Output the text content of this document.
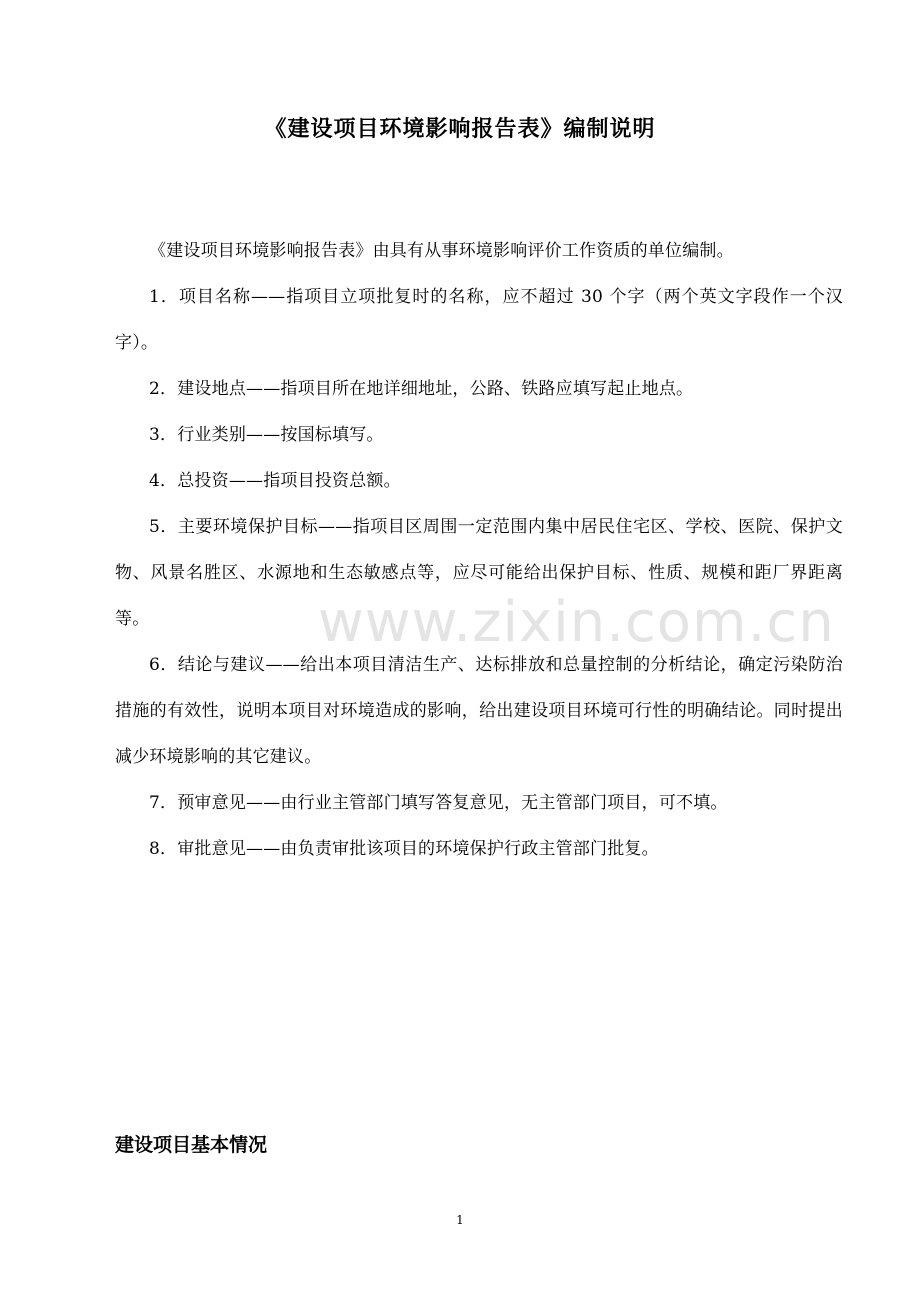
www.zixin.com.cn
《建设项目环境影响报告表》编制说明

《建设项目环境影响报告表》由具有从事环境影响评价工作资质的单位编制。

1．项目名称——指项目立项批复时的名称，应不超过 30 个字（两个英文字段作一个汉字）。

2．建设地点——指项目所在地详细地址，公路、铁路应填写起止地点。

3．行业类别——按国标填写。

4．总投资——指项目投资总额。

5．主要环境保护目标——指项目区周围一定范围内集中居民住宅区、学校、医院、保护文物、风景名胜区、水源地和生态敏感点等，应尽可能给出保护目标、性质、规模和距厂界距离等。

6．结论与建议——给出本项目清洁生产、达标排放和总量控制的分析结论，确定污染防治措施的有效性，说明本项目对环境造成的影响，给出建设项目环境可行性的明确结论。同时提出减少环境影响的其它建议。

7．预审意见——由行业主管部门填写答复意见，无主管部门项目，可不填。

8．审批意见——由负责审批该项目的环境保护行政主管部门批复。

建设项目基本情况
1
